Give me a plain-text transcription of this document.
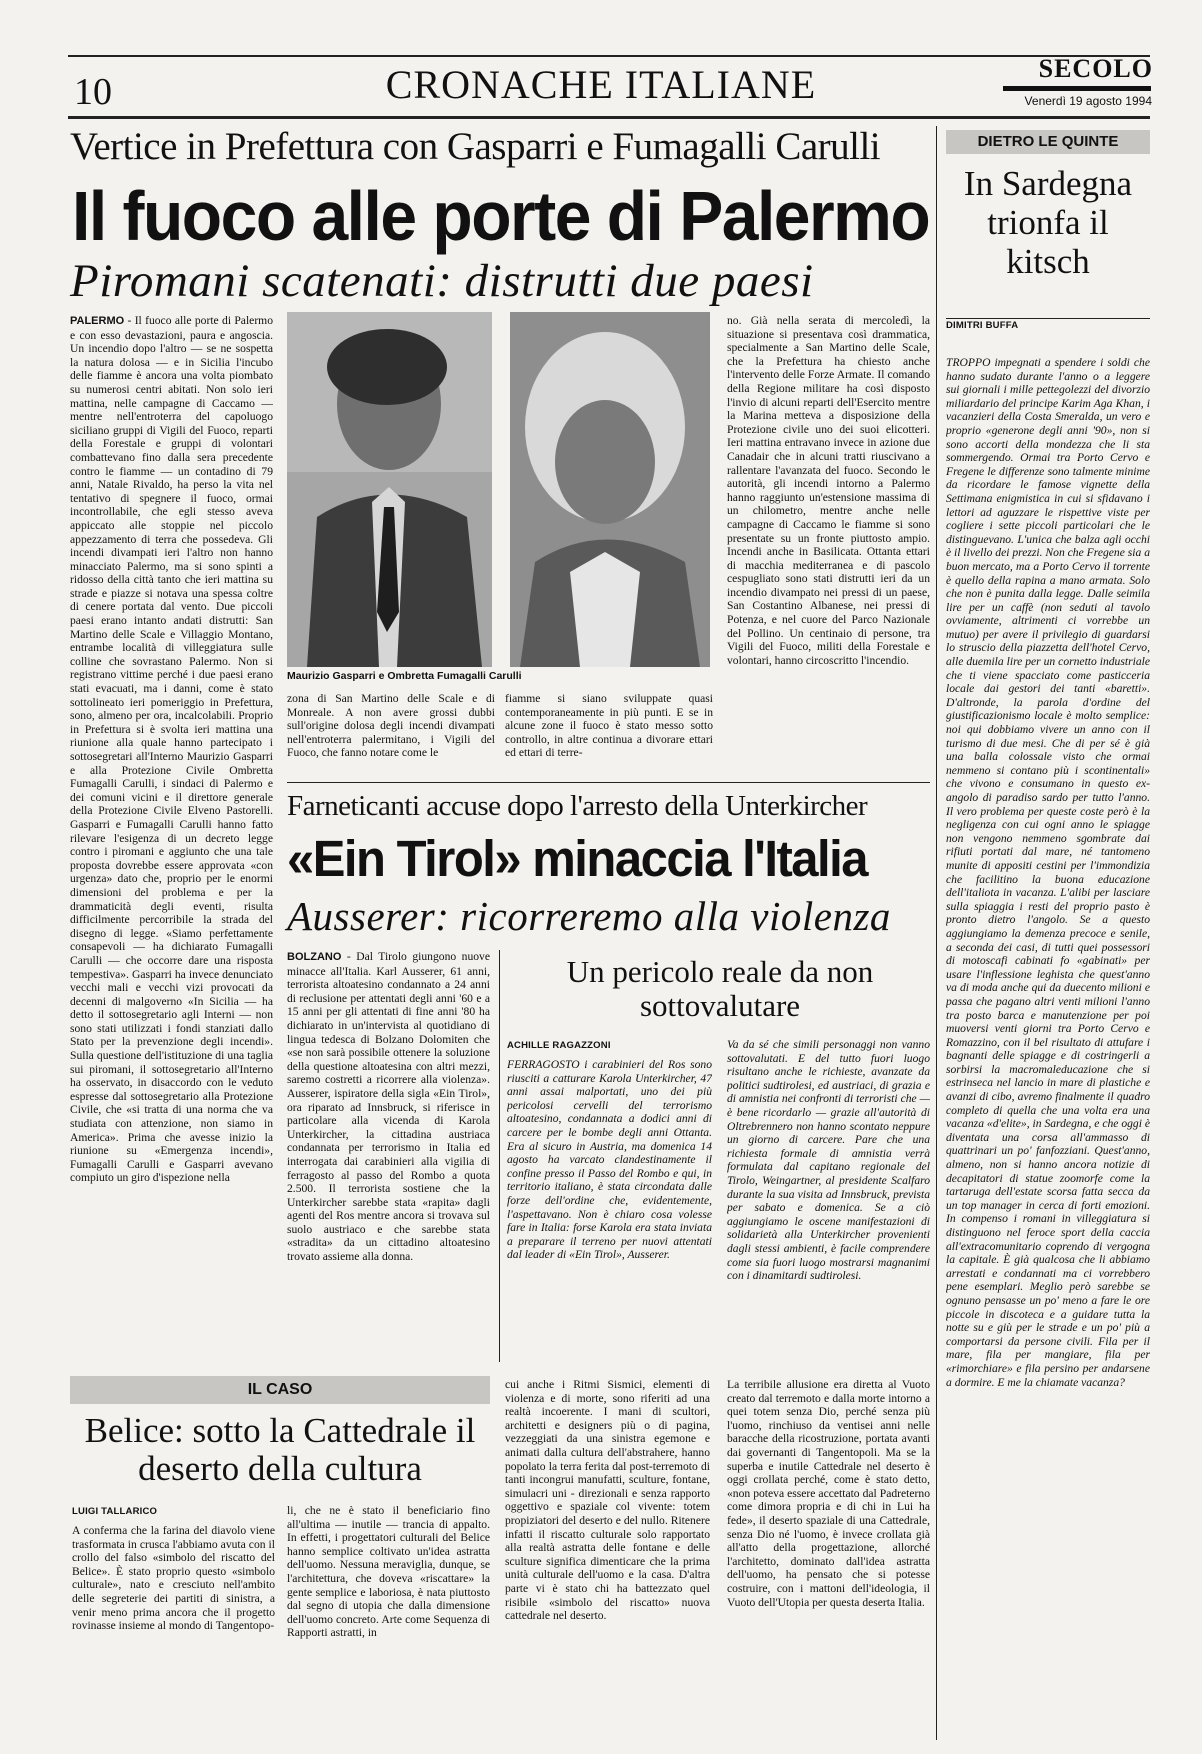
10	CRONACHE ITALIANE	SECOLO
Venerdì 19 agosto 1994
Vertice in Prefettura con Gasparri e Fumagalli Carulli
Il fuoco alle porte di Palermo
Piromani scatenati: distrutti due paesi
PALERMO - Il fuoco alle porte di Palermo e con esso devastazioni, paura e angoscia. Un incendio dopo l'altro — se ne sospetta la natura dolosa — e in Sicilia l'incubo delle fiamme è ancora una volta piombato su numerosi centri abitati. Non solo ieri mattina, nelle campagne di Caccamo — mentre nell'entroterra del capoluogo siciliano gruppi di Vigili del Fuoco, reparti della Forestale e gruppi di volontari combattevano fino dalla sera precedente contro le fiamme — un contadino di 79 anni, Natale Rivaldo, ha perso la vita nel tentativo di spegnere il fuoco, ormai incontrollabile, che egli stesso aveva appiccato alle stoppie nel piccolo appezzamento di terra che possedeva. Gli incendi divampati ieri l'altro non hanno minacciato Palermo, ma si sono spinti a ridosso della città tanto che ieri mattina su strade e piazze si notava una spessa coltre di cenere portata dal vento. Due piccoli paesi erano intanto andati distrutti: San Martino delle Scale e Villaggio Montano, entrambe località di villeggiatura sulle colline che sovrastano Palermo. Non si registrano vittime perché i due paesi erano stati evacuati, ma i danni, come è stato sottolineato ieri pomeriggio in Prefettura, sono, almeno per ora, incalcolabili. Proprio in Prefettura si è svolta ieri mattina una riunione alla quale hanno partecipato i sottosegretari all'Interno Maurizio Gasparri e alla Protezione Civile Ombretta Fumagalli Carulli, i sindaci di Palermo e dei comuni vicini e il direttore generale della Protezione Civile Elveno Pastorelli. Gasparri e Fumagalli Carulli hanno fatto rilevare l'esigenza di un decreto legge contro i piromani e aggiunto che una tale proposta dovrebbe essere approvata «con urgenza» dato che, proprio per le enormi dimensioni del problema e per la drammaticità degli eventi, risulta difficilmente percorribile la strada del disegno di legge. «Siamo perfettamente consapevoli — ha dichiarato Fumagalli Carulli — che occorre dare una risposta tempestiva». Gasparri ha invece denunciato vecchi mali e vecchi vizi provocati da decenni di malgoverno «In Sicilia — ha detto il sottosegretario agli Interni — non sono stati utilizzati i fondi stanziati dallo Stato per la prevenzione degli incendi». Sulla questione dell'istituzione di una taglia sui piromani, il sottosegretario all'Interno ha osservato, in disaccordo con le veduto espresse dal sottosegretario alla Protezione Civile, che «si tratta di una norma che va studiata con attenzione, non siamo in America». Prima che avesse inizio la riunione su «Emergenza incendi», Fumagalli Carulli e Gasparri avevano compiuto un giro d'ispezione nella
Maurizio Gasparri e Ombretta Fumagalli Carulli
zona di San Martino delle Scale e di Monreale. A non avere grossi dubbi sull'origine dolosa degli incendi divampati nell'entroterra palermitano, i Vigili del Fuoco, che fanno notare come le
fiamme si siano sviluppate quasi contemporaneamente in più punti. E se in alcune zone il fuoco è stato messo sotto controllo, in altre continua a divorare ettari ed ettari di terre-
no. Già nella serata di mercoledì, la situazione si presentava così drammatica, specialmente a San Martino delle Scale, che la Prefettura ha chiesto anche l'intervento delle Forze Armate. Il comando della Regione militare ha così disposto l'invio di alcuni reparti dell'Esercito mentre la Marina metteva a disposizione della Protezione civile uno dei suoi elicotteri. Ieri mattina entravano invece in azione due Canadair che in alcuni tratti riuscivano a rallentare l'avanzata del fuoco. Secondo le autorità, gli incendi intorno a Palermo hanno raggiunto un'estensione massima di un chilometro, mentre anche nelle campagne di Caccamo le fiamme si sono presentate su un fronte piuttosto ampio. Incendi anche in Basilicata. Ottanta ettari di macchia mediterranea e di pascolo cespugliato sono stati distrutti ieri da un incendio divampato nei pressi di un paese, San Costantino Albanese, nei pressi di Potenza, e nel cuore del Parco Nazionale del Pollino. Un centinaio di persone, tra Vigili del Fuoco, militi della Forestale e volontari, hanno circoscritto l'incendio.
Farneticanti accuse dopo l'arresto della Unterkircher
«Ein Tirol» minaccia l'Italia
Ausserer: ricorreremo alla violenza
BOLZANO - Dal Tirolo giungono nuove minacce all'Italia. Karl Ausserer, 61 anni, terrorista altoatesino condannato a 24 anni di reclusione per attentati degli anni '60 e a 15 anni per gli attentati di fine anni '80 ha dichiarato in un'intervista al quotidiano di lingua tedesca di Bolzano Dolomiten che «se non sarà possibile ottenere la soluzione della questione altoatesina con altri mezzi, saremo costretti a ricorrere alla violenza». Ausserer, ispiratore della sigla «Ein Tirol», ora riparato ad Innsbruck, si riferisce in particolare alla vicenda di Karola Unterkircher, la cittadina austriaca condannata per terrorismo in Italia ed interrogata dai carabinieri alla vigilia di ferragosto al passo del Rombo a quota 2.500. Il terrorista sostiene che la Unterkircher sarebbe stata «rapita» dagli agenti del Ros mentre ancora si trovava sul suolo austriaco e che sarebbe stata «stradita» da un cittadino altoatesino trovato assieme alla donna.
Un pericolo reale da non sottovalutare
ACHILLE RAGAZZONI
FERRAGOSTO i carabinieri del Ros sono riusciti a catturare Karola Unterkircher, 47 anni assai malportati, uno dei più pericolosi cervelli del terrorismo altoatesino, condannata a dodici anni di carcere per le bombe degli anni Ottanta. Era al sicuro in Austria, ma domenica 14 agosto ha varcato clandestinamente il confine presso il Passo del Rombo e qui, in territorio italiano, è stata circondata dalle forze dell'ordine che, evidentemente, l'aspettavano. Non è chiaro cosa volesse fare in Italia: forse Karola era stata inviata a preparare il terreno per nuovi attentati dal leader di «Ein Tirol», Ausserer.
Va da sé che simili personaggi non vanno sottovalutati. E del tutto fuori luogo risultano anche le richieste, avanzate da politici sudtirolesi, ed austriaci, di grazia e di amnistia nei confronti di terroristi che — è bene ricordarlo — grazie all'autorità di Oltrebrennero non hanno scontato neppure un giorno di carcere. Pare che una richiesta formale di amnistia verrà formulata dal capitano regionale del Tirolo, Weingartner, al presidente Scalfaro durante la sua visita ad Innsbruck, prevista per sabato e domenica. Se a ciò aggiungiamo le oscene manifestazioni di solidarietà alla Unterkircher provenienti dagli stessi ambienti, è facile comprendere come sia fuori luogo mostrarsi magnanimi con i dinamitardi sudtirolesi.
IL CASO
Belice: sotto la Cattedrale il deserto della cultura
LUIGI TALLARICO
A conferma che la farina del diavolo viene trasformata in crusca l'abbiamo avuta con il crollo del falso «simbolo del riscatto del Belice». È stato proprio questo «simbolo culturale», nato e cresciuto nell'ambito delle segreterie dei partiti di sinistra, a venir meno prima ancora che il progetto rovinasse insieme al mondo di Tangentopo-
li, che ne è stato il beneficiario fino all'ultima — inutile — trancia di appalto. In effetti, i progettatori culturali del Belice hanno semplice coltivato un'idea astratta dell'uomo. Nessuna meraviglia, dunque, se l'architettura, che doveva «riscattare» la gente semplice e laboriosa, è nata piuttosto dal segno di utopia che dalla dimensione dell'uomo concreto. Arte come Sequenza di Rapporti astratti, in
cui anche i Ritmi Sismici, elementi di violenza e di morte, sono riferiti ad una realtà incoerente. I mani di scultori, architetti e designers più o di pagina, vezzeggiati da una sinistra egemone e animati dalla cultura dell'abstrahere, hanno popolato la terra ferita dal post-terremoto di tanti incongrui manufatti, sculture, fontane, simulacri uni - direzionali e senza rapporto oggettivo e spaziale col vivente: totem propiziatori del deserto e del nullo. Ritenere infatti il riscatto culturale solo rapportato alla realtà astratta delle fontane e delle sculture significa dimenticare che la prima unità culturale dell'uomo e la casa. D'altra parte vi è stato chi ha battezzato quel risibile «simbolo del riscatto» nuova cattedrale nel deserto.
La terribile allusione era diretta al Vuoto creato dal terremoto e dalla morte intorno a quei totem senza Dio, perché senza più l'uomo, rinchiuso da ventisei anni nelle baracche della ricostruzione, portata avanti dai governanti di Tangentopoli. Ma se la superba e inutile Cattedrale nel deserto è oggi crollata perché, come è stato detto, «non poteva essere accettato dal Padreterno come dimora propria e di chi in Lui ha fede», il deserto spaziale di una Cattedrale, senza Dio né l'uomo, è invece crollata già all'atto della progettazione, allorché l'architetto, dominato dall'idea astratta dell'uomo, ha pensato che si potesse costruire, con i mattoni dell'ideologia, il Vuoto dell'Utopia per questa deserta Italia.
DIETRO LE QUINTE
In Sardegna trionfa il kitsch
DIMITRI BUFFA
TROPPO impegnati a spendere i soldi che hanno sudato durante l'anno o a leggere sui giornali i mille pettegolezzi del divorzio miliardario del principe Karim Aga Khan, i vacanzieri della Costa Smeralda, un vero e proprio «generone degli anni '90», non si sono accorti della mondezza che li sta sommergendo. Ormai tra Porto Cervo e Fregene le differenze sono talmente minime da ricordare le famose vignette della Settimana enigmistica in cui si sfidavano i lettori ad aguzzare le rispettive viste per cogliere i sette piccoli particolari che le distinguevano. L'unica che balza agli occhi è il livello dei prezzi. Non che Fregene sia a buon mercato, ma a Porto Cervo il torrente è quello della rapina a mano armata. Solo che non è punita dalla legge. Dalle seimila lire per un caffè (non seduti al tavolo ovviamente, altrimenti ci vorrebbe un mutuo) per avere il privilegio di guardarsi lo struscio della piazzetta dell'hotel Cervo, alle duemila lire per un cornetto industriale che ti viene spacciato come pasticceria locale dai gestori dei tanti «baretti». D'altronde, la parola d'ordine del giustificazionismo locale è molto semplice: noi qui dobbiamo vivere un anno con il turismo di due mesi. Che di per sé è già una balla colossale visto che ormai nemmeno si contano più i scontinentali» che vivono e consumano in questo ex-angolo di paradiso sardo per tutto l'anno. Il vero problema per queste coste però è la negligenza con cui ogni anno le spiagge non vengono nemmeno sgombrate dai rifiuti portati dal mare, né tantomeno munite di appositi cestini per l'immondizia che facilitino la buona educazione dell'italiota in vacanza. L'alibi per lasciare sulla spiaggia i resti del proprio pasto è pronto dietro l'angolo. Se a questo aggiungiamo la demenza precoce e senile, a seconda dei casi, di tutti quei possessori di motoscafi cabinati fo «gabinati» per usare l'inflessione leghista che quest'anno va di moda anche qui da duecento milioni e passa che pagano altri venti milioni l'anno tra posto barca e manutenzione per poi muoversi venti giorni tra Porto Cervo e Romazzino, con il bel risultato di attufare i bagnanti delle spiagge e di costringerli a sorbirsi la macromaleducazione che si estrinseca nel lancio in mare di plastiche e avanzi di cibo, avremo finalmente il quadro completo di quella che una volta era una vacanza «d'elite», in Sardegna, e che oggi è diventata una corsa all'ammasso di quattrinari un po' fanfozziani. Quest'anno, almeno, non si hanno ancora notizie di decapitatori di statue zoomorfe come la tartaruga dell'estate scorsa fatta secca da un top manager in cerca di forti emozioni. In compenso i romani in villeggiatura si distinguono nel feroce sport della caccia all'extracomunitario coprendo di vergogna la capitale. È già qualcosa che li abbiamo arrestati e condannati ma ci vorrebbero pene esemplari. Meglio però sarebbe se ognuno pensasse un po' meno a fare le ore piccole in discoteca e a guidare tutta la notte su e giù per le strade e un po' più a comportarsi da persone civili. Fila per il mare, fila per mangiare, fila per «rimorchiare» e fila persino per andarsene a dormire. E me la chiamate vacanza?
